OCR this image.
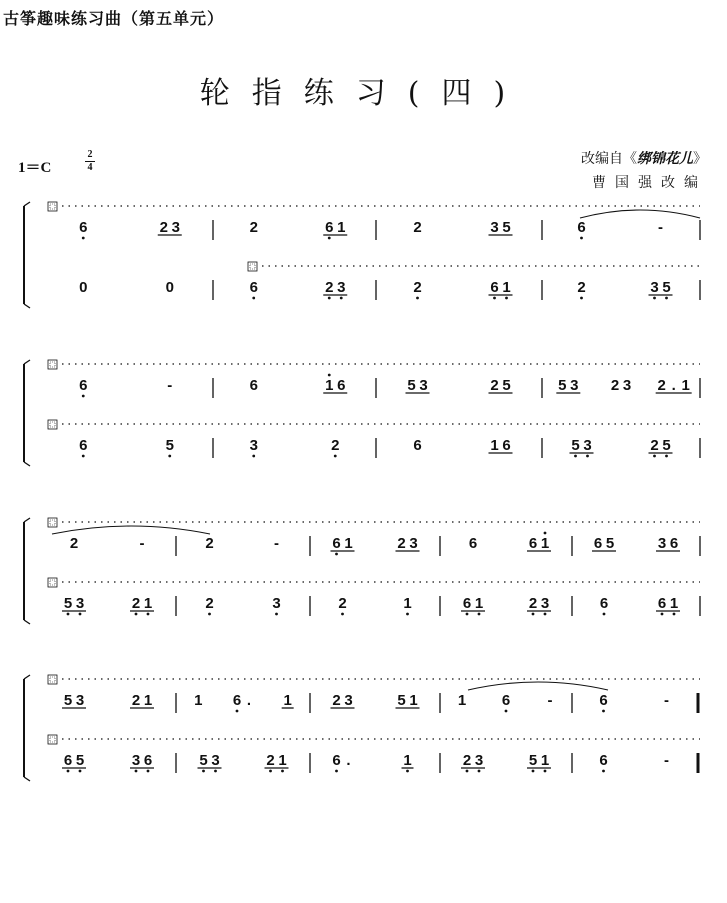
古筝趣味练习曲（第五单元）
轮指练习(四)
1＝C
2
4
改编自《绑锦花儿》
曹国强改编
6	2 3	2	6 1	2	3 5	6	-
0	0	6	2 3	2	6 1	2	3 5
6	-	6	1 6	5 3	2 5	5 3 2 3 2 . 1
6	5	3	2	6	1 6	5 3	2 5
2	-	2	-	6 1	2 3	6	6 1	6 5	3 6
5 3	2 1	2	3	2	1	6 1	2 3	6	6 1
5 3	2 1	1 6 . 1	2 3	5 1	1 6 -	6	-
6 5	3 6	5 3	2 1	6 .	1	2 3	5 1	6	-
